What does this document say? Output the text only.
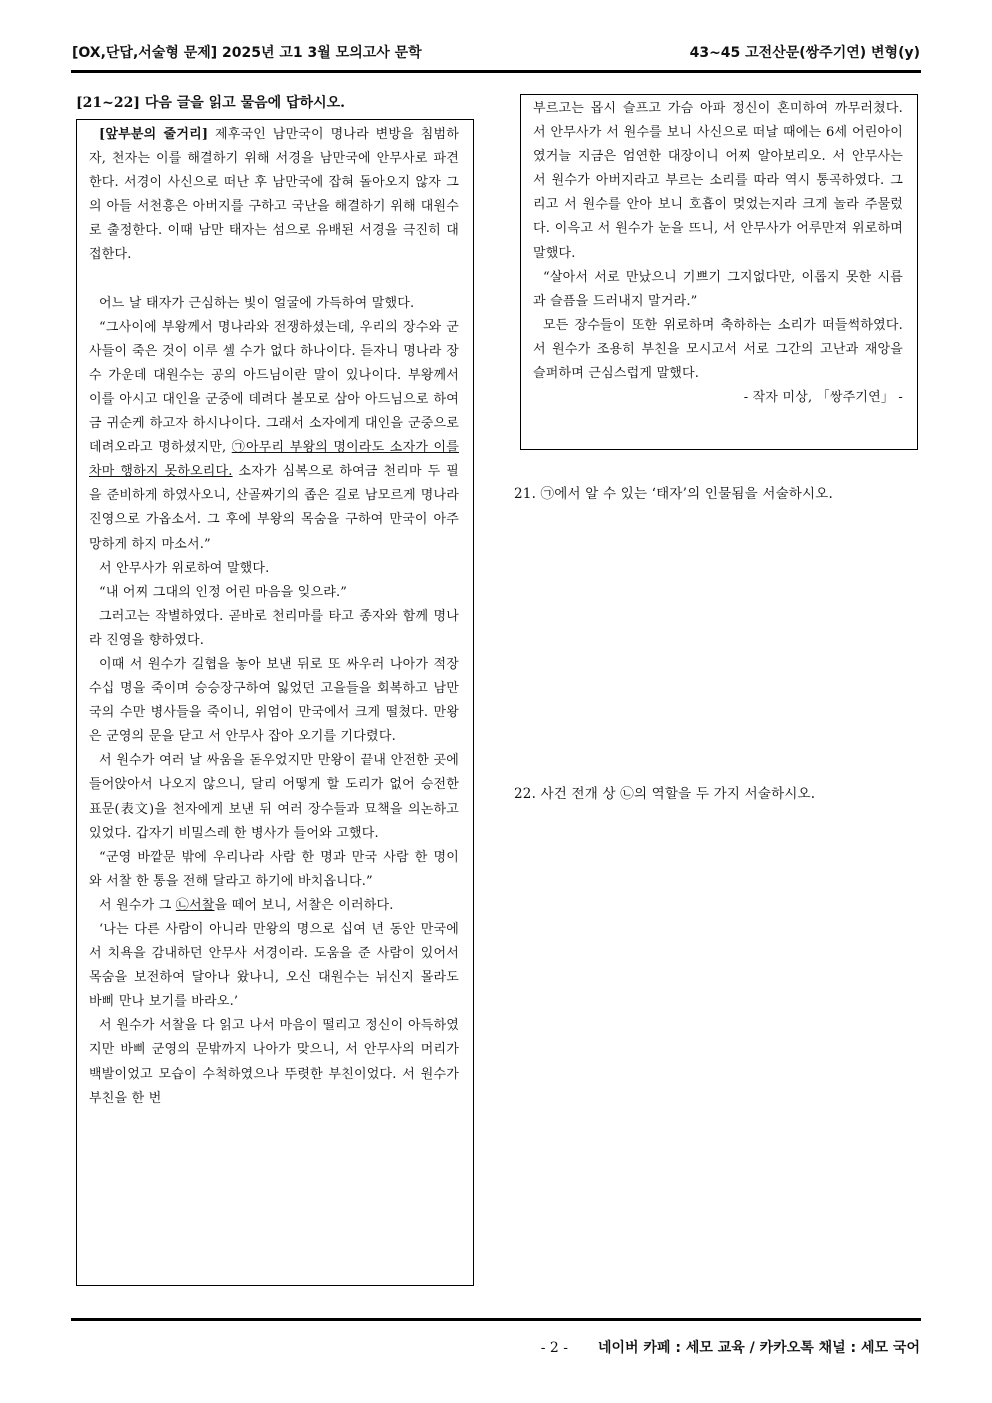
[OX,단답,서술형 문제] 2025년 고1 3월 모의고사 문학	43~45 고전산문(쌍주기연) 변형(y)
[21~22] 다음 글을 읽고 물음에 답하시오.

[앞부분의 줄거리] 제후국인 남만국이 명나라 변방을 침범하자, 천자는 이를 해결하기 위해 서경을 남만국에 안무사로 파견한다. 서경이 사신으로 떠난 후 남만국에 잡혀 돌아오지 않자 그의 아들 서천흥은 아버지를 구하고 국난을 해결하기 위해 대원수로 출정한다. 이때 남만 태자는 섬으로 유배된 서경을 극진히 대접한다.

어느 날 태자가 근심하는 빛이 얼굴에 가득하여 말했다.

“그사이에 부왕께서 명나라와 전쟁하셨는데, 우리의 장수와 군사들이 죽은 것이 이루 셀 수가 없다 하나이다. 듣자니 명나라 장수 가운데 대원수는 공의 아드님이란 말이 있나이다. 부왕께서 이를 아시고 대인을 군중에 데려다 볼모로 삼아 아드님으로 하여금 귀순케 하고자 하시나이다. 그래서 소자에게 대인을 군중으로 데려오라고 명하셨지만, ㉠아무리 부왕의 명이라도 소자가 이를 차마 행하지 못하오리다. 소자가 심복으로 하여금 천리마 두 필을 준비하게 하였사오니, 산골짜기의 좁은 길로 남모르게 명나라 진영으로 가옵소서. 그 후에 부왕의 목숨을 구하여 만국이 아주 망하게 하지 마소서.”

서 안무사가 위로하여 말했다.

“내 어찌 그대의 인정 어린 마음을 잊으랴.”

그러고는 작별하였다. 곧바로 천리마를 타고 종자와 함께 명나라 진영을 향하였다.

이때 서 원수가 길협을 놓아 보낸 뒤로 또 싸우러 나아가 적장 수십 명을 죽이며 승승장구하여 잃었던 고을들을 회복하고 남만국의 수만 병사들을 죽이니, 위엄이 만국에서 크게 떨쳤다. 만왕은 군영의 문을 닫고 서 안무사 잡아 오기를 기다렸다.

서 원수가 여러 날 싸움을 돋우었지만 만왕이 끝내 안전한 곳에 들어앉아서 나오지 않으니, 달리 어떻게 할 도리가 없어 승전한 표문(表文)을 천자에게 보낸 뒤 여러 장수들과 묘책을 의논하고 있었다. 갑자기 비밀스레 한 병사가 들어와 고했다.

“군영 바깥문 밖에 우리나라 사람 한 명과 만국 사람 한 명이 와 서찰 한 통을 전해 달라고 하기에 바치옵니다.”

서 원수가 그 ㉡서찰을 떼어 보니, 서찰은 이러하다.

‘나는 다른 사람이 아니라 만왕의 명으로 십여 년 동안 만국에서 치욕을 감내하던 안무사 서경이라. 도움을 준 사람이 있어서 목숨을 보전하여 달아나 왔나니, 오신 대원수는 뉘신지 몰라도 바삐 만나 보기를 바라오.’

서 원수가 서찰을 다 읽고 나서 마음이 떨리고 정신이 아득하였지만 바삐 군영의 문밖까지 나아가 맞으니, 서 안무사의 머리가 백발이었고 모습이 수척하였으나 뚜렷한 부친이었다. 서 원수가 부친을 한 번

부르고는 몹시 슬프고 가슴 아파 정신이 혼미하여 까무러쳤다. 서 안무사가 서 원수를 보니 사신으로 떠날 때에는 6세 어린아이였거늘 지금은 엄연한 대장이니 어찌 알아보리오. 서 안무사는 서 원수가 아버지라고 부르는 소리를 따라 역시 통곡하였다. 그리고 서 원수를 안아 보니 호흡이 멎었는지라 크게 놀라 주물렀다. 이윽고 서 원수가 눈을 뜨니, 서 안무사가 어루만져 위로하며 말했다.

“살아서 서로 만났으니 기쁘기 그지없다만, 이롭지 못한 시름과 슬픔을 드러내지 말거라.”

모든 장수들이 또한 위로하며 축하하는 소리가 떠들썩하였다. 서 원수가 조용히 부친을 모시고서 서로 그간의 고난과 재앙을 슬퍼하며 근심스럽게 말했다.

- 작자 미상, 「쌍주기연」 -

21. ㉠에서 알 수 있는 ‘태자’의 인물됨을 서술하시오.
22. 사건 전개 상 ㉡의 역할을 두 가지 서술하시오.
- 2 - 네이버 카페 : 세모 교육 / 카카오톡 채널 : 세모 국어
